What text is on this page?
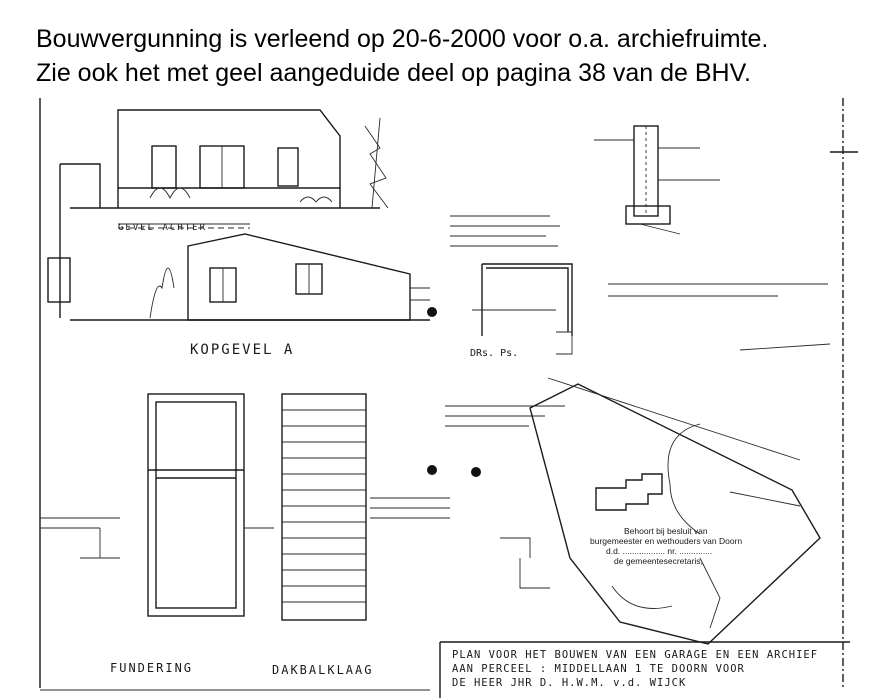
Bouwvergunning is verleend op 20-6-2000 voor o.a. archiefruimte.
Zie ook het met geel aangeduide deel op pagina 38 van de BHV.
KOPGEVEL A
GEVEL ACHTER
DRs. Ps.
FUNDERING	DAKBALKLAAG
Behoort bij besluit van
burgemeester en wethouders van Doorn
d.d. .................. nr. ..............
de gemeentesecretaris,
PLAN VOOR HET BOUWEN VAN EEN GARAGE EN EEN ARCHIEF
AAN PERCEEL : MIDDELLAAN 1 TE DOORN VOOR
DE HEER JHR D. H.W.M. v.d. WIJCK
